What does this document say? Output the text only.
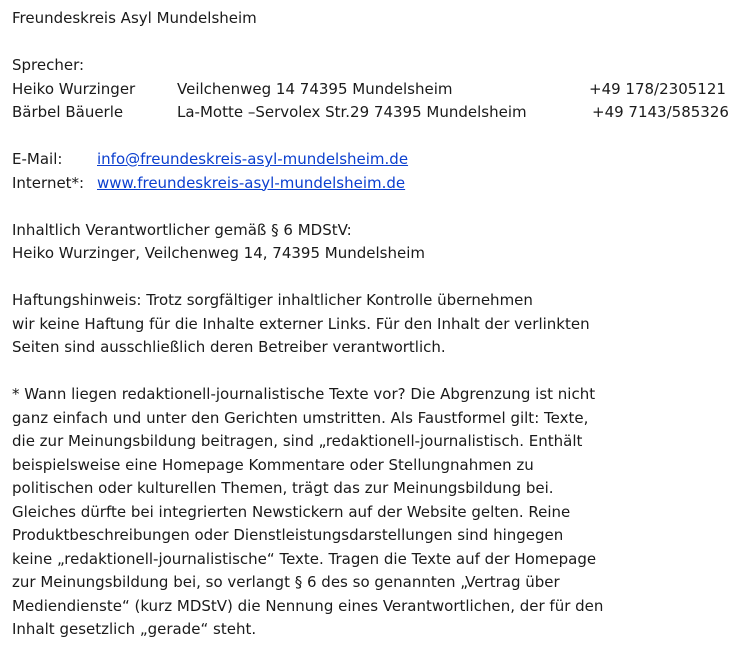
Freundeskreis Asyl Mundelsheim
Sprecher:
Heiko Wurzinger	Veilchenweg 14 74395 Mundelsheim	+49 178/2305121
Bärbel Bäuerle	La-Motte –Servolex Str.29 74395 Mundelsheim	+49 7143/585326
E-Mail: info@freundeskreis-asyl-mundelsheim.de
Internet*: www.freundeskreis-asyl-mundelsheim.de
Inhaltlich Verantwortlicher gemäß § 6 MDStV:
Heiko Wurzinger, Veilchenweg 14, 74395 Mundelsheim
Haftungshinweis: Trotz sorgfältiger inhaltlicher Kontrolle übernehmen
wir keine Haftung für die Inhalte externer Links. Für den Inhalt der verlinkten
Seiten sind ausschließlich deren Betreiber verantwortlich.
* Wann liegen redaktionell-journalistische Texte vor? Die Abgrenzung ist nicht
ganz einfach und unter den Gerichten umstritten. Als Faustformel gilt: Texte,
die zur Meinungsbildung beitragen, sind „redaktionell-journalistisch. Enthält
beispielsweise eine Homepage Kommentare oder Stellungnahmen zu
politischen oder kulturellen Themen, trägt das zur Meinungsbildung bei.
Gleiches dürfte bei integrierten Newstickern auf der Website gelten. Reine
Produktbeschreibungen oder Dienstleistungsdarstellungen sind hingegen
keine „redaktionell-journalistische“ Texte. Tragen die Texte auf der Homepage
zur Meinungsbildung bei, so verlangt § 6 des so genannten „Vertrag über
Mediendienste“ (kurz MDStV) die Nennung eines Verantwortlichen, der für den
Inhalt gesetzlich „gerade“ steht.
